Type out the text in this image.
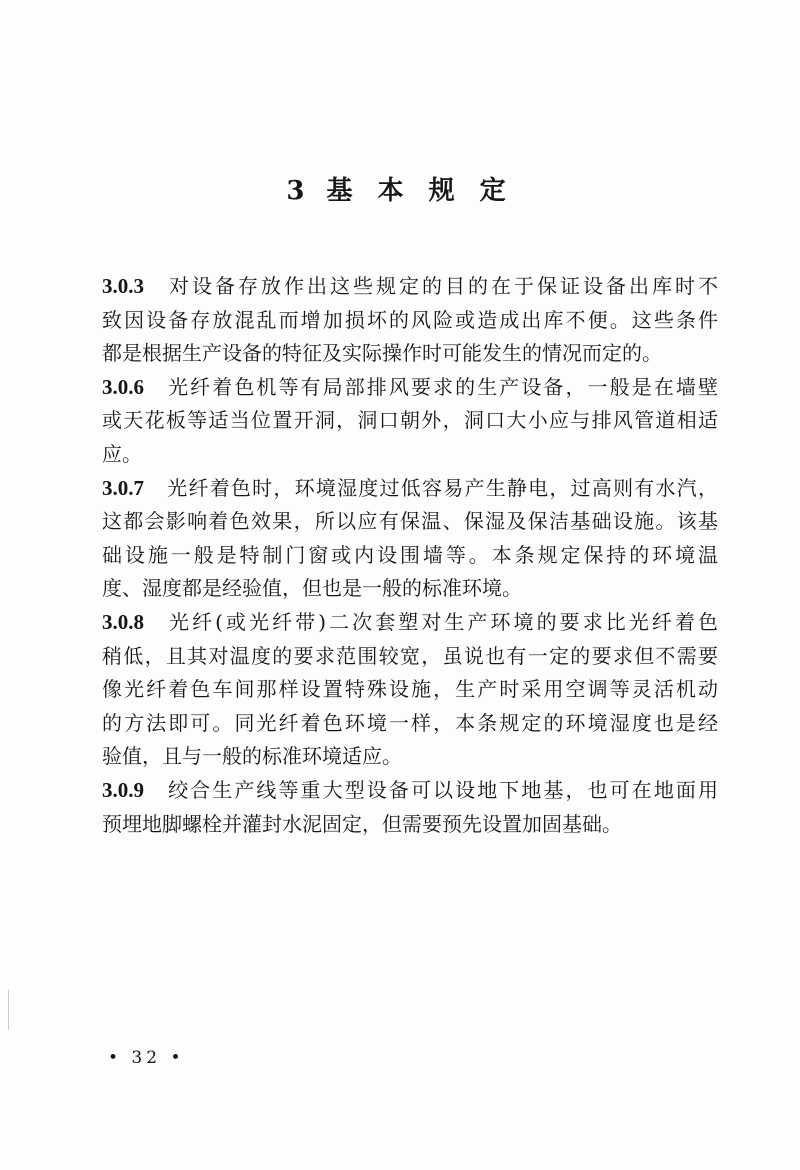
3 基 本 规 定
3.0.3 对设备存放作出这些规定的目的在于保证设备出库时不
致因设备存放混乱而增加损坏的风险或造成出库不便。这些条件
都是根据生产设备的特征及实际操作时可能发生的情况而定的。
3.0.6 光纤着色机等有局部排风要求的生产设备，一般是在墙壁
或天花板等适当位置开洞，洞口朝外，洞口大小应与排风管道相适
应。
3.0.7 光纤着色时，环境湿度过低容易产生静电，过高则有水汽，
这都会影响着色效果，所以应有保温、保湿及保洁基础设施。该基
础设施一般是特制门窗或内设围墙等。本条规定保持的环境温
度、湿度都是经验值，但也是一般的标准环境。
3.0.8 光纤(或光纤带)二次套塑对生产环境的要求比光纤着色
稍低，且其对温度的要求范围较宽，虽说也有一定的要求但不需要
像光纤着色车间那样设置特殊设施，生产时采用空调等灵活机动
的方法即可。同光纤着色环境一样，本条规定的环境湿度也是经
验值，且与一般的标准环境适应。
3.0.9 绞合生产线等重大型设备可以设地下地基，也可在地面用
预埋地脚螺栓并灌封水泥固定，但需要预先设置加固基础。
• 32 •
